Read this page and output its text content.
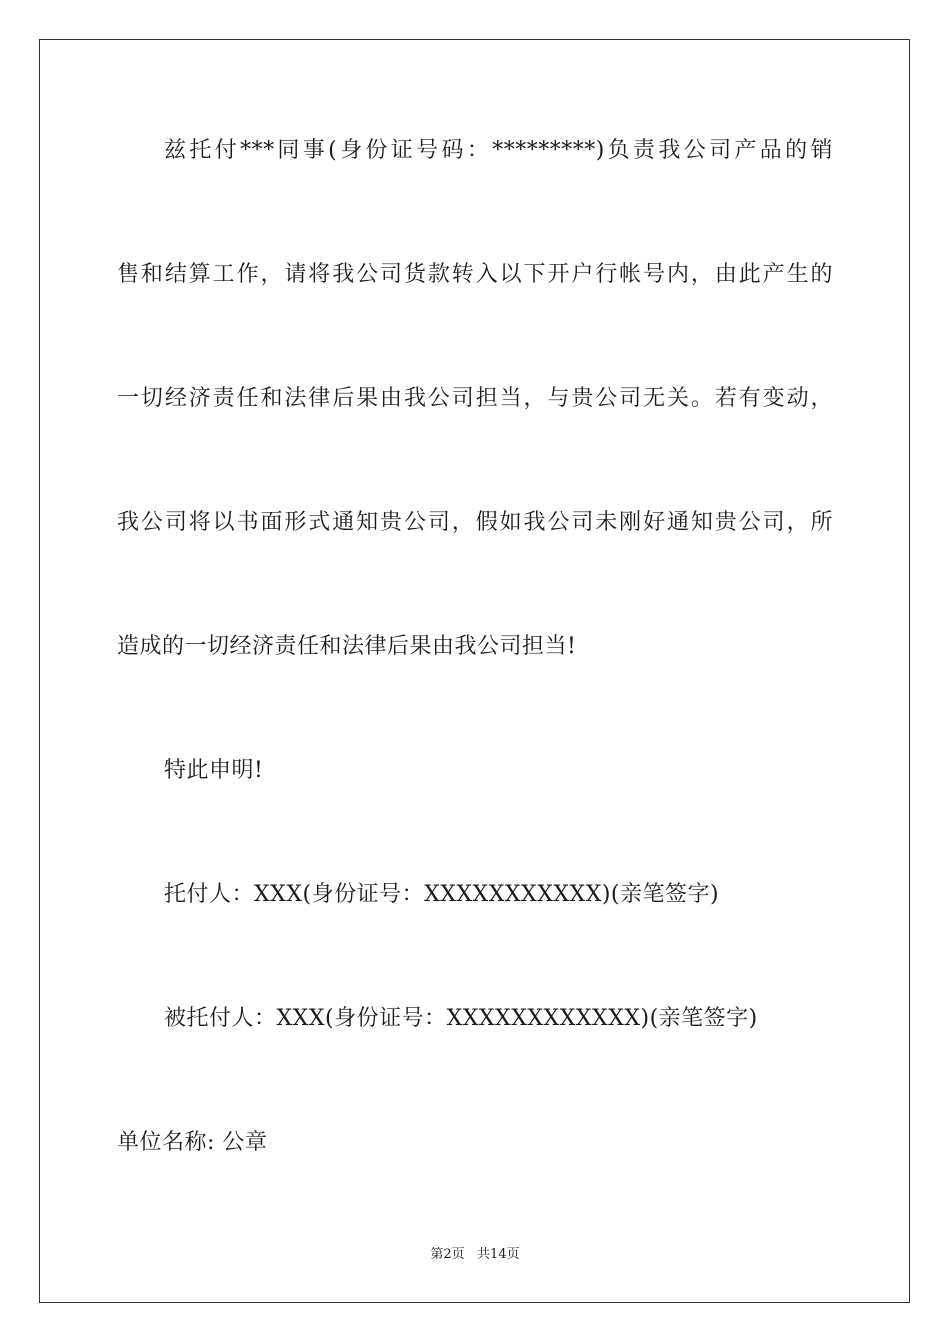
兹托付***同事(身份证号码：*********)负责我公司产品的销
售和结算工作，请将我公司货款转入以下开户行帐号内，由此产生的
一切经济责任和法律后果由我公司担当，与贵公司无关。若有变动，
我公司将以书面形式通知贵公司，假如我公司未刚好通知贵公司，所
造成的一切经济责任和法律后果由我公司担当!
特此申明!
托付人：XXX(身份证号：XXXXXXXXXXX)(亲笔签字)
被托付人：XXX(身份证号：XXXXXXXXXXXX)(亲笔签字)
单位名称: 公章
第2页   共14页
